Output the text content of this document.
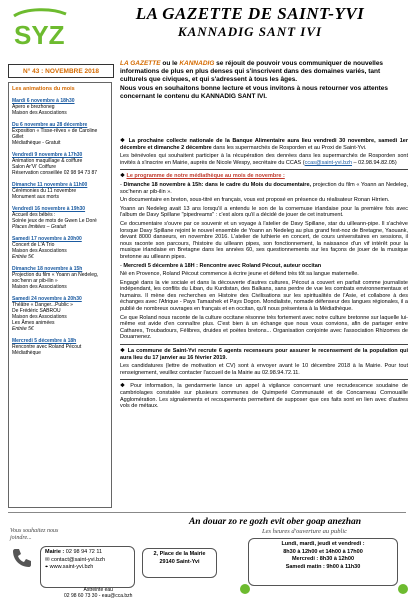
SYZ
LA GAZETTE DE SAINT-YVI
KANNADIG SANT IVI
N° 43 : NOVEMBRE 2018
LA GAZETTE ou le KANNADIG se réjouit de pouvoir vous communiquer de nouvelles informations de plus en plus denses qui s'inscrivent dans des domaines variés, tant culturels que civiques, et qui s'adressent à tous les âges.
Nous vous en souhaitons bonne lecture et vous invitons à nous retourner vos attentes concernant le contenu du KANNADIG SANT IVI.
Les animations du mois
Mardi 6 novembre à 18h30
Apero e brezhoneg
Maison des Associations
Du 6 novembre au 28 décembre
Exposition « Tisse-rêves » de Caroline Gillet
Médiathèque - Gratuit
Vendredi 9 novembre à 17h30
Animation maquillage & coiffure
Salon Ar'Vi' Coiffure
Réservation conseillée 02 98 94 73 87
Dimanche 11 novembre à 11h00
Cérémonies du 11 novembre
Monument aux morts
Vendredi 16 novembre à 19h30
Accueil des bébés :
Soirée jeux de mots de Gwen Le Doré
Places limitées – Gratuit
Samedi 17 novembre à 20h00
Concert de L'A Trio
Maison des Associations
Entrée 5€
Dimanche 18 novembre à 15h
Projection du film « Yoann an Nedeleg, soc'henn ar pib-ilin »
Maison des Associations
Samedi 24 novembre à 20h30
Théâtre « Danger...Public »
De Frédéric SABROU
Maison des Associations
Les Âmes animées
Entrée 5€
Mercredi 5 décembre à 18h
Rencontre avec Roland Pécout
Médiathèque

❖ La prochaine collecte nationale de la Banque Alimentaire aura lieu vendredi 30 novembre, samedi 1er décembre et dimanche 2 décembre dans les supermarchés de Rosporden et au Proxi de Saint-Yvi.

Les bénévoles qui souhaitent participer à la récupération des denrées dans les supermarchés de Rosporden sont invités à s'inscrire en Mairie, auprès de Nicole Wespy, secrétaire du CCAS (ccas@saint-yvi.bzh – 02.98.94.82.05)

❖ Le programme de notre médiathèque au mois de novembre :

- Dimanche 18 novembre à 15h: dans le cadre du Mois du documentaire, projection du film « Yoann an Nedeleg, soc'henn ar pib-ilin ».

Un documentaire en breton, sous-titré en français, vous est proposé en présence du réalisateur Ronan Hirrien.

Yoann an Nedeleg avait 13 ans lorsqu'il a entendu le son de la cornemuse irlandaise pour la première fois avec l'album de Davy Spillane "pipedreams" : c'est alors qu'il a décidé de jouer de cet instrument.

Ce documentaire s'ouvre par ce souvenir et un voyage à l'atelier de Davy Spillane, star du uilleann-pipe. Il s'achève lorsque Davy Spillane rejoint le nouvel ensemble de Yoann an Nedeleg au plus grand fest-noz de Bretagne, Yaouank, devant 8000 danseurs, en novembre 2016. L'atelier de luthierie en concert, de cours universitaires en sessions, il nous raconte son parcours, l'histoire du uilleann pipes, son fonctionnement, la naissance d'un vif intérêt pour la musique irlandaise en Bretagne dans les années 60, ses questionnements sur les façons de jouer de la musique bretonne au uilleann pipes.

- Mercredi 5 décembre à 18H : Rencontre avec Roland Pécout, auteur occitan

Né en Provence, Roland Pécout commence à écrire jeune et défend très tôt sa langue maternelle.

Engagé dans la vie sociale et dans la découverte d'autres cultures, Pécout a couvert en parfait comme journaliste indépendant, les conflits du Liban, du Kurdistan, des Balkans, sans perdre de vue les combats environnementaux et humains. Il mène des recherches en Histoire des Civilisations sur les spiritualités de l'Asie, et collabore à des échanges avec l'Afrique - Pays Tamashek et Pays Dogon. Mondialiste, nomade défenseur des langues régionales, il a publié de nombreux ouvrages en français et en occitan, qu'il nous présentera à la Médiathèque.

Ce que Roland nous raconte de la culture occitane résonne très fortement avec notre culture bretonne sur laquelle lui-même est avide d'en connaître plus. C'est bien à un échange que nous vous convions, afin de partager entre Cathares, Troubadours, Félibres, druides et poètes bretons... Organisation conjointe avec l'association Rhizomes de Douarnenez.

❖ La commune de Saint-Yvi recrute 6 agents recenseurs pour assurer le recensement de la population qui aura lieu du 17 janvier au 16 février 2019.

Les candidatures (lettre de motivation et CV) sont à envoyer avant le 10 décembre 2018 à la Mairie. Pour tout renseignement, veuillez contacter l'accueil de la Mairie au 02.98.94.72.11.

❖ Pour information, la gendarmerie lance un appel à vigilance concernant une recrudescence soudaine de cambriolages constatée sur plusieurs communes de Quimperlé Communauté et de Concarneau Cornouaille Agglomération. Les signalements et recoupements permettent de supposer que ces faits sont en lien avec d'autres vols de métaux.

An douar zo re gozh evit ober goap anezhan
Vous souhaitez nous joindre...
Mairie : 02 98 94 72 11
✉ contact@saint-yvi.bzh
⌖ www.saint-yvi.bzh
2, Place de la Mairie
29140 Saint-Yvi
Astreinte eau
02 98 60 73 30 - eau@cca.bzh
Les heures d'ouverture au public
Lundi, mardi, jeudi et vendredi :
8h30 à 12h00 et 14h00 à 17h00
Mercredi : 8h30 à 12h00
Samedi matin : 9h00 à 11h30
